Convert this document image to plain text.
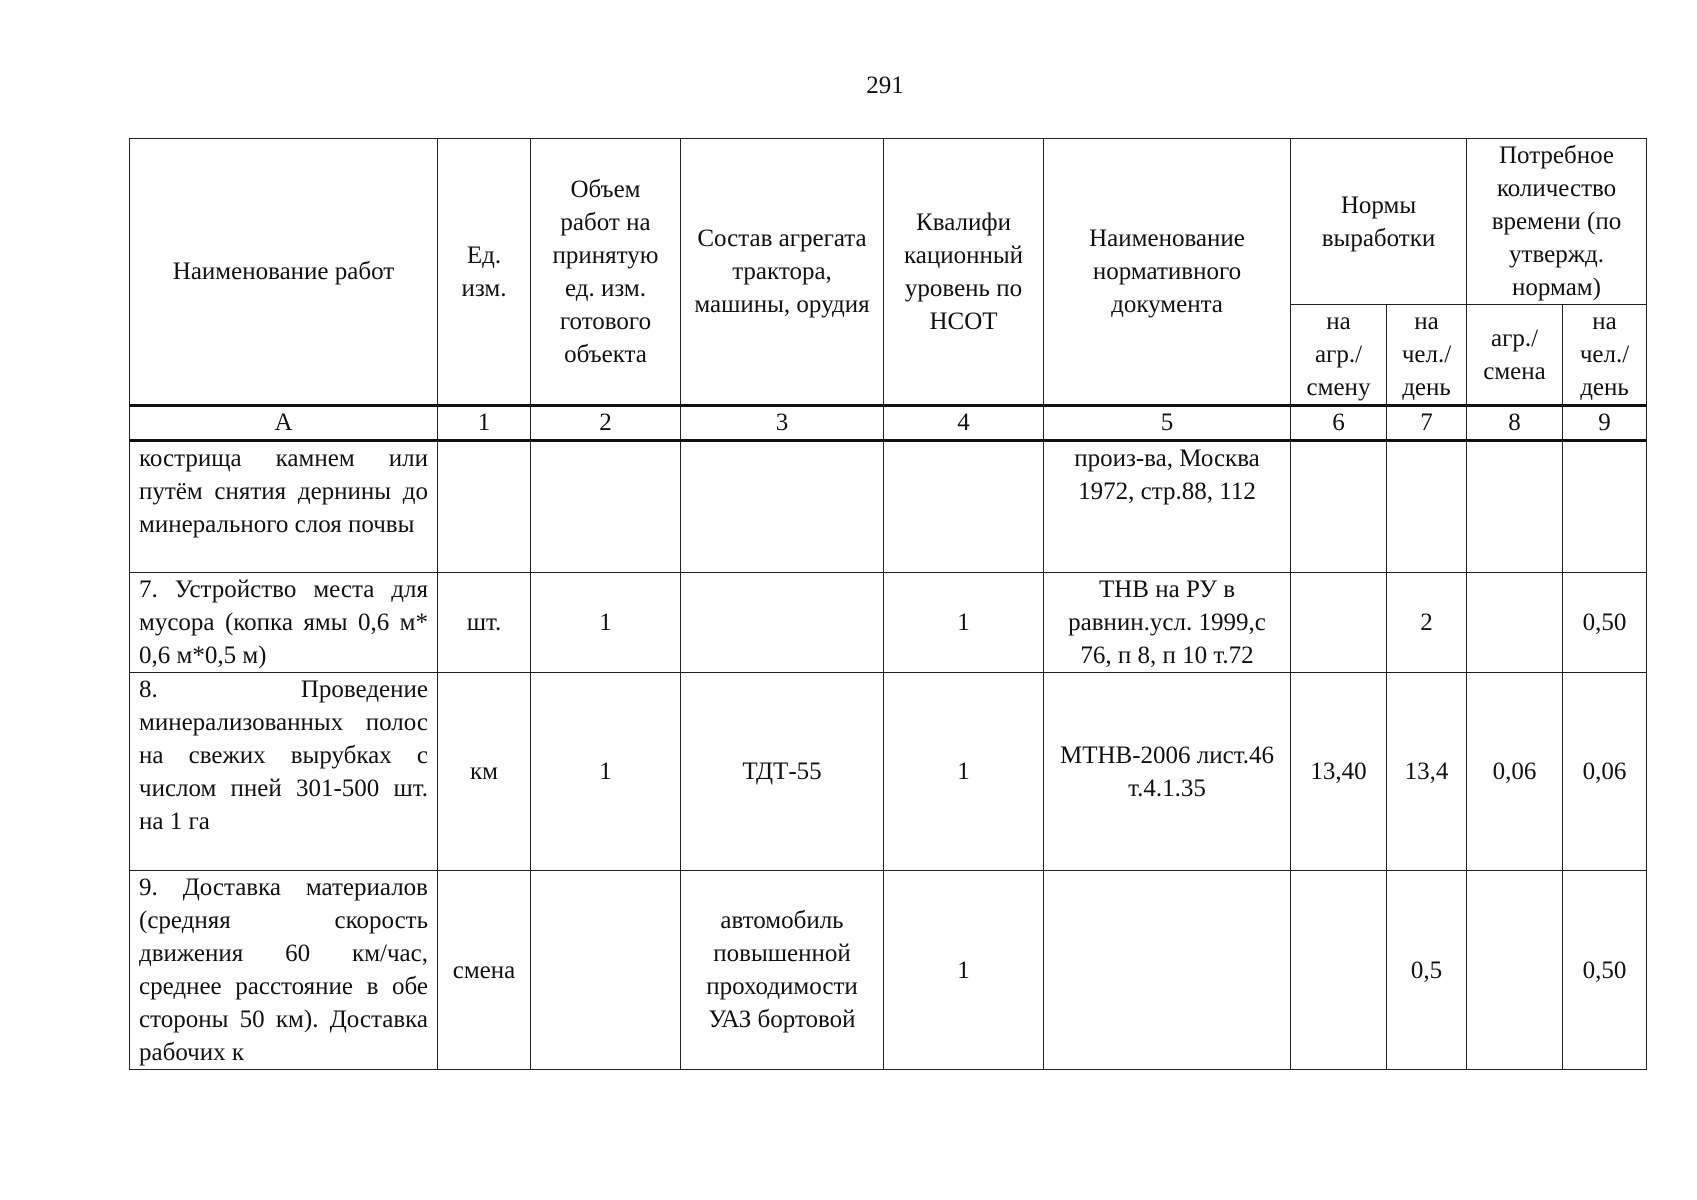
291
Наименование работ	Ед. изм.	Объем работ на принятую ед. изм. готового объекта	Состав агрегата трактора, машины, орудия	Квалифи кационный уровень по НСОТ	Наименование нормативного документа	Нормы выработки		Потребное количество времени (по утвержд. нормам)	
						на агр./ смену	на чел./ день	агр./ смена	на чел./ день
А	1	2	3	4	5	6	7	8	9
кострища камнем или путём снятия дернины до минерального слоя почвы					произ-ва, Москва 1972, стр.88, 112				
7. Устройство места для мусора (копка ямы 0,6 м* 0,6 м*0,5 м)	шт.	1		1	ТНВ на РУ в равнин.усл. 1999,с 76, п 8, п 10 т.72		2		0,50
8. Проведение минерализованных полос на свежих вырубках с числом пней 301-500 шт. на 1 га	км	1	ТДТ-55	1	МТНВ-2006 лист.46 т.4.1.35	13,40	13,4	0,06	0,06
9. Доставка материалов (средняя скорость движения 60 км/час, среднее расстояние в обе стороны 50 км). Доставка рабочих к	смена		автомобиль повышенной проходимости УАЗ бортовой	1			0,5		0,50
